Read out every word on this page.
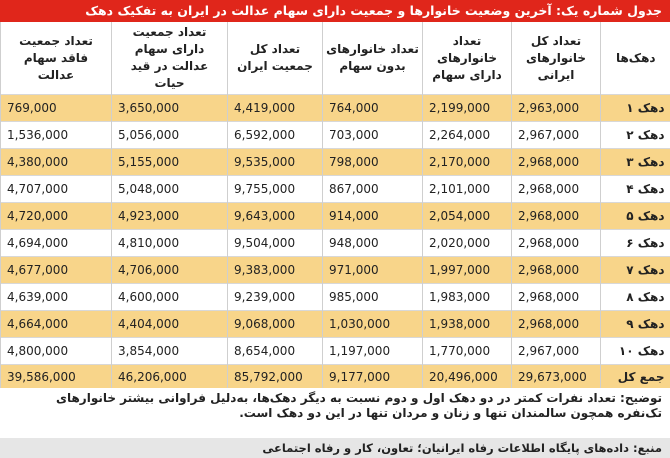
جدول شماره یک: آخرین وضعیت خانوارها و جمعیت دارای سهام عدالت در ایران به تفکیک دهک
دهک‌ها	تعداد کل خانوارهای ایرانی	تعداد خانوارهای دارای سهام	تعداد خانوارهای بدون سهام	تعداد کل جمعیت ایران	تعداد جمعیت دارای سهام عدالت در قید حیات	تعداد جمعیت فاقد سهام عدالت
دهک ۱	2,963,000	2,199,000	764,000	4,419,000	3,650,000	769,000
دهک ۲	2,967,000	2,264,000	703,000	6,592,000	5,056,000	1,536,000
دهک ۳	2,968,000	2,170,000	798,000	9,535,000	5,155,000	4,380,000
دهک ۴	2,968,000	2,101,000	867,000	9,755,000	5,048,000	4,707,000
دهک ۵	2,968,000	2,054,000	914,000	9,643,000	4,923,000	4,720,000
دهک ۶	2,968,000	2,020,000	948,000	9,504,000	4,810,000	4,694,000
دهک ۷	2,968,000	1,997,000	971,000	9,383,000	4,706,000	4,677,000
دهک ۸	2,968,000	1,983,000	985,000	9,239,000	4,600,000	4,639,000
دهک ۹	2,968,000	1,938,000	1,030,000	9,068,000	4,404,000	4,664,000
دهک ۱۰	2,967,000	1,770,000	1,197,000	8,654,000	3,854,000	4,800,000
جمع کل	29,673,000	20,496,000	9,177,000	85,792,000	46,206,000	39,586,000
توضیح: تعداد نفرات کمتر در دو دهک اول و دوم نسبت به دیگر دهک‌ها، به‌دلیل فراوانی بیشتر خانوارهای تک‌نفره همچون سالمندان تنها و زنان و مردان تنها در این دو دهک است.
منبع: داده‌های پایگاه اطلاعات رفاه ایرانیان؛ تعاون، کار و رفاه اجتماعی
